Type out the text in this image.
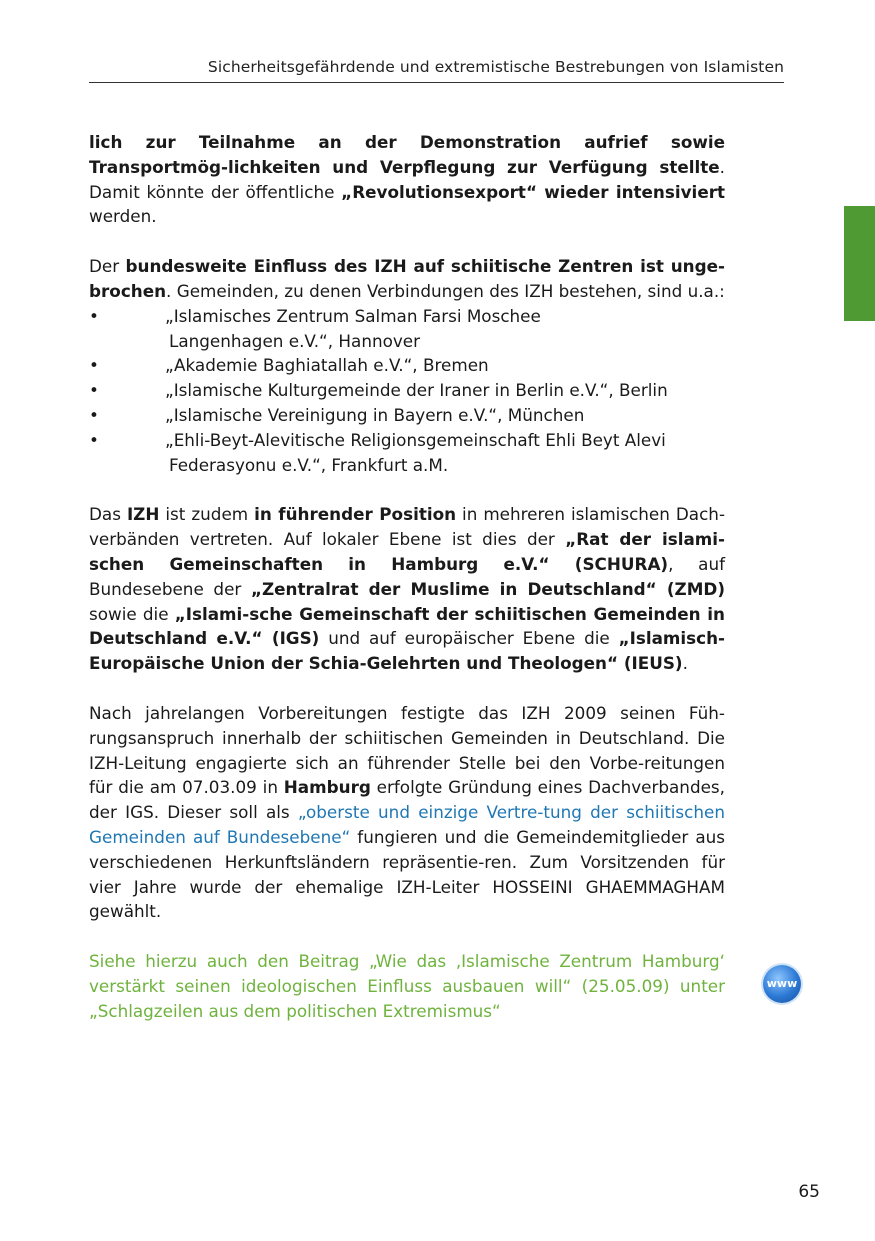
Sicherheitsgefährdende und extremistische Bestrebungen von Islamisten

lich zur Teilnahme an der Demonstration aufrief sowie Transportmög-lichkeiten und Verpflegung zur Verfügung stellte. Damit könnte der öffentliche „Revolutionsexport“ wieder intensiviert werden.

Der bundesweite Einfluss des IZH auf schiitische Zentren ist unge-brochen. Gemeinden, zu denen Verbindungen des IZH bestehen, sind u.a.:

•	„Islamisches Zentrum Salman Farsi Moschee
Langenhagen e.V.“, Hannover
•	„Akademie Baghiatallah e.V.“, Bremen
•	„Islamische Kulturgemeinde der Iraner in Berlin e.V.“, Berlin
•	„Islamische Vereinigung in Bayern e.V.“, München
•	„Ehli-Beyt-Alevitische Religionsgemeinschaft Ehli Beyt Alevi
Federasyonu e.V.“, Frankfurt a.M.

Das IZH ist zudem in führender Position in mehreren islamischen Dach-verbänden vertreten. Auf lokaler Ebene ist dies der „Rat der islami-schen Gemeinschaften in Hamburg e.V.“ (SCHURA), auf Bundesebene der „Zentralrat der Muslime in Deutschland“ (ZMD) sowie die „Islami-sche Gemeinschaft der schiitischen Gemeinden in Deutschland e.V.“ (IGS) und auf europäischer Ebene die „Islamisch-Europäische Union der Schia-Gelehrten und Theologen“ (IEUS).

Nach jahrelangen Vorbereitungen festigte das IZH 2009 seinen Füh-rungsanspruch innerhalb der schiitischen Gemeinden in Deutschland. Die IZH-Leitung engagierte sich an führender Stelle bei den Vorbe-reitungen für die am 07.03.09 in Hamburg erfolgte Gründung eines Dachverbandes, der IGS. Dieser soll als „oberste und einzige Vertre-tung der schiitischen Gemeinden auf Bundesebene“ fungieren und die Gemeindemitglieder aus verschiedenen Herkunftsländern repräsentie-ren. Zum Vorsitzenden für vier Jahre wurde der ehemalige IZH-Leiter HOSSEINI GHAEMMAGHAM gewählt.

Siehe hierzu auch den Beitrag „Wie das ‚Islamische Zentrum Hamburg‘ verstärkt seinen ideologischen Einfluss ausbauen will“ (25.05.09) unter „Schlagzeilen aus dem politischen Extremismus“

www
65
